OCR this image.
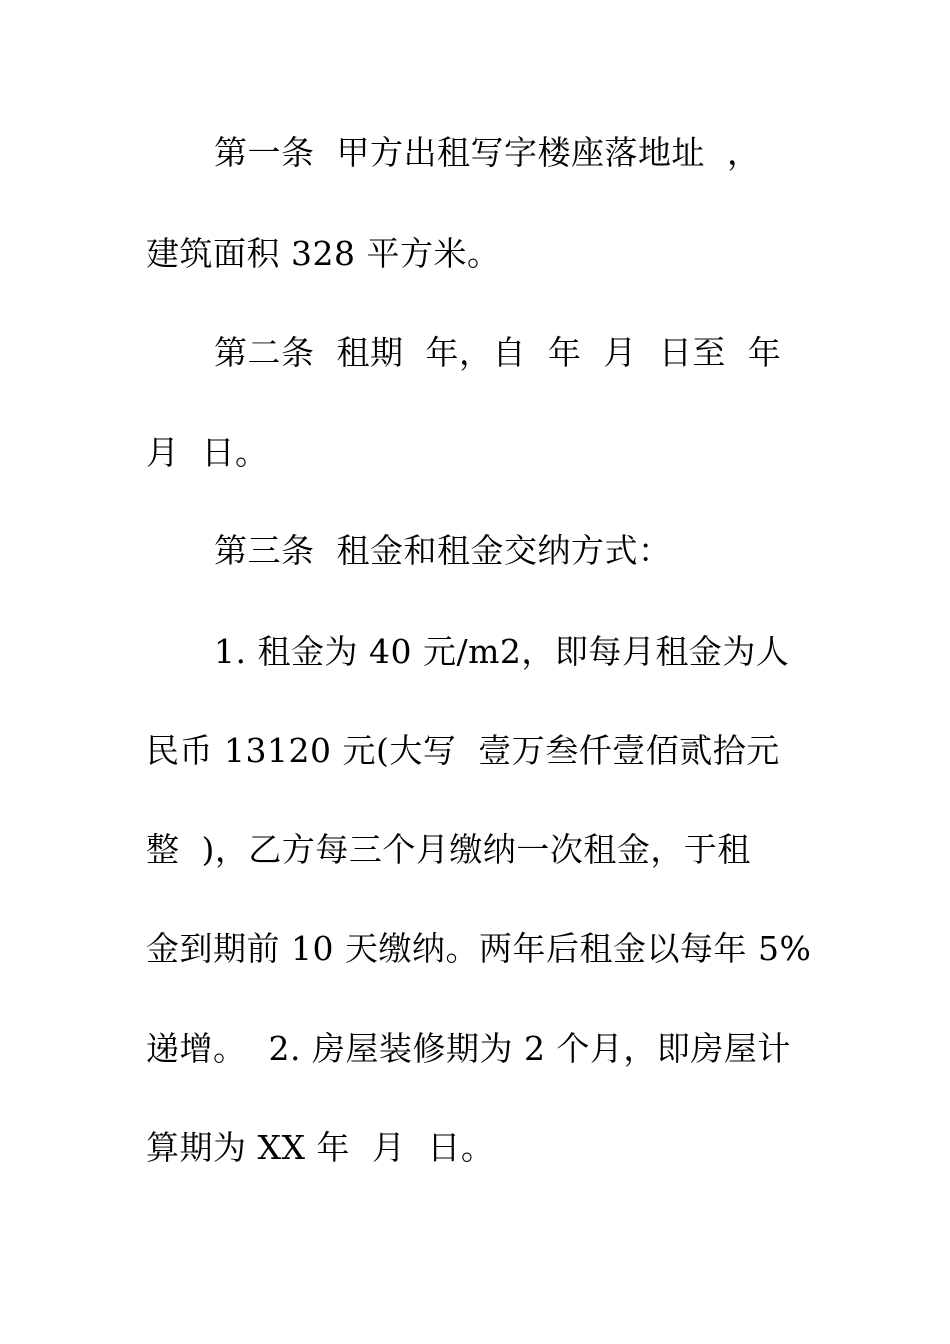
第一条  甲方出租写字楼座落地址  ，
建筑面积 328 平方米。
第二条  租期  年，自  年  月  日至  年
月  日。
第三条  租金和租金交纳方式：
1. 租金为 40 元/m2，即每月租金为人
民币 13120 元(大写  壹万叁仟壹佰贰拾元
整  )，乙方每三个月缴纳一次租金，于租
金到期前 10 天缴纳。两年后租金以每年 5%
递增。  2. 房屋装修期为 2 个月，即房屋计
算期为 XX 年  月  日。
